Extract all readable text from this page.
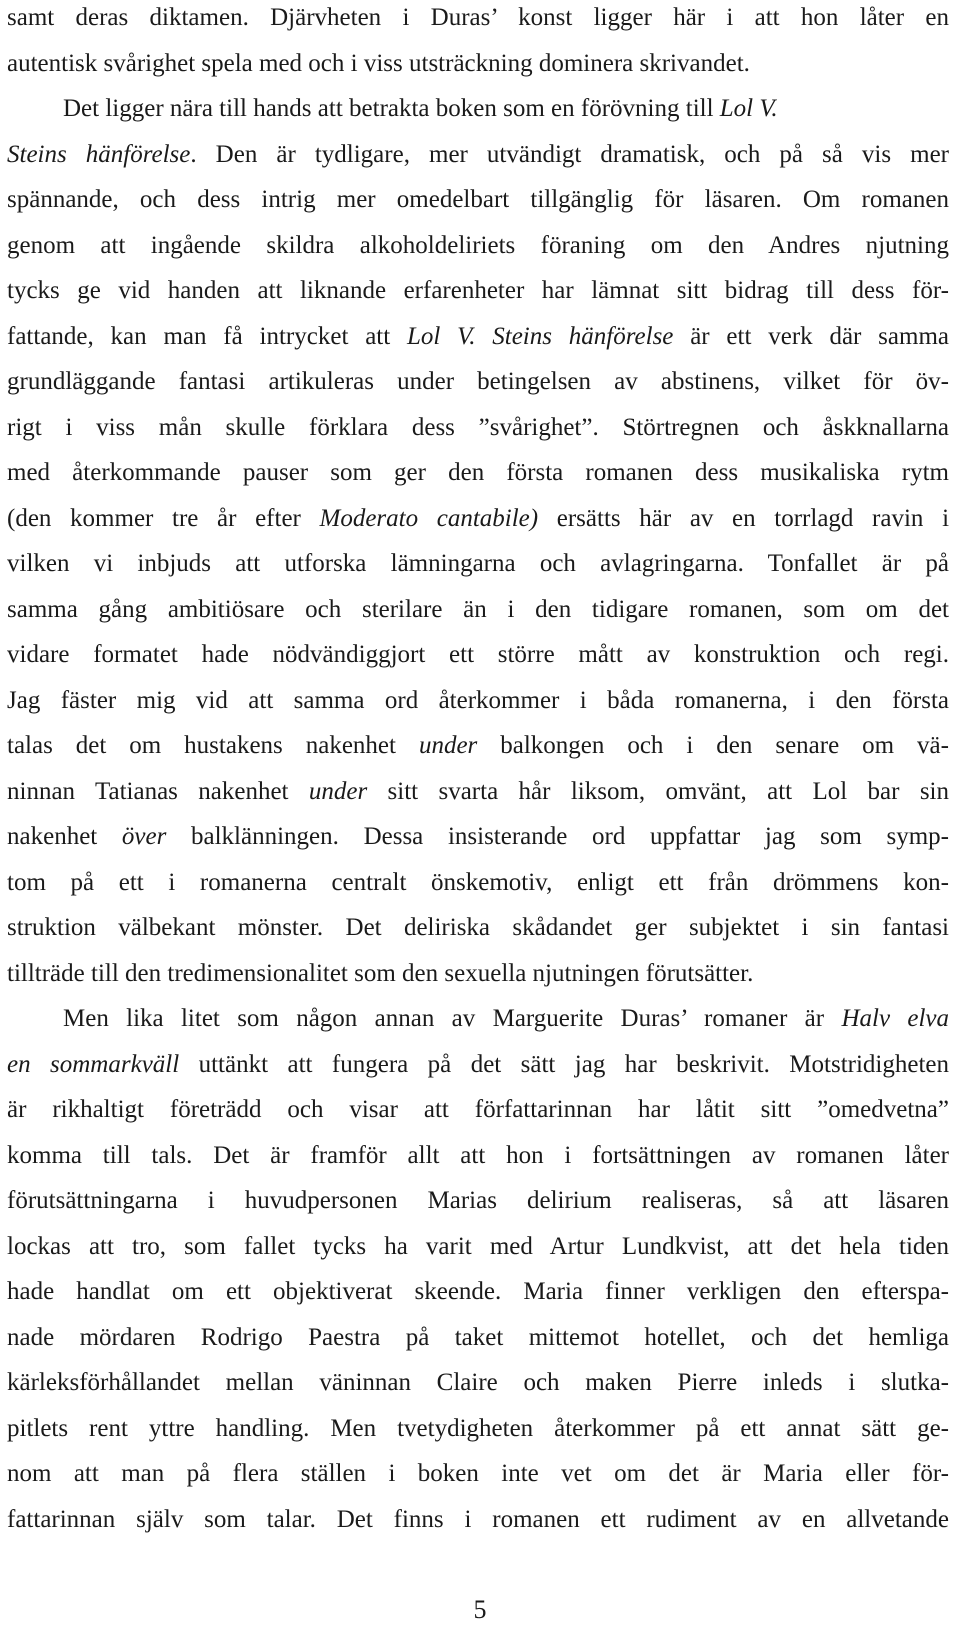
samt deras diktamen. Djärvheten i Duras’ konst ligger här i att hon låter en
autentisk svårighet spela med och i viss utsträckning dominera skrivandet.
Det ligger nära till hands att betrakta boken som en förövning till Lol V.
Steins hänförelse. Den är tydligare, mer utvändigt dramatisk, och på så vis mer
spännande, och dess intrig mer omedelbart tillgänglig för läsaren. Om romanen
genom att ingående skildra alkoholdeliriets föraning om den Andres njutning
tycks ge vid handen att liknande erfarenheter har lämnat sitt bidrag till dess för-
fattande, kan man få intrycket att Lol V. Steins hänförelse är ett verk där samma
grundläggande fantasi artikuleras under betingelsen av abstinens, vilket för öv-
rigt i viss mån skulle förklara dess ”svårighet”. Störtregnen och åskknallarna
med återkommande pauser som ger den första romanen dess musikaliska rytm
(den kommer tre år efter Moderato cantabile) ersätts här av en torrlagd ravin i
vilken vi inbjuds att utforska lämningarna och avlagringarna. Tonfallet är på
samma gång ambitiösare och sterilare än i den tidigare romanen, som om det
vidare formatet hade nödvändiggjort ett större mått av konstruktion och regi.
Jag fäster mig vid att samma ord återkommer i båda romanerna, i den första
talas det om hustakens nakenhet under balkongen och i den senare om vä-
ninnan Tatianas nakenhet under sitt svarta hår liksom, omvänt, att Lol bar sin
nakenhet över balklänningen. Dessa insisterande ord uppfattar jag som symp-
tom på ett i romanerna centralt önskemotiv, enligt ett från drömmens kon-
struktion välbekant mönster. Det deliriska skådandet ger subjektet i sin fantasi
tillträde till den tredimensionalitet som den sexuella njutningen förutsätter.
Men lika litet som någon annan av Marguerite Duras’ romaner är Halv elva
en sommarkväll uttänkt att fungera på det sätt jag har beskrivit. Motstridigheten
är rikhaltigt företrädd och visar att författarinnan har låtit sitt ”omedvetna”
komma till tals. Det är framför allt att hon i fortsättningen av romanen låter
förutsättningarna i huvudpersonen Marias delirium realiseras, så att läsaren
lockas att tro, som fallet tycks ha varit med Artur Lundkvist, att det hela tiden
hade handlat om ett objektiverat skeende. Maria finner verkligen den efterspa-
nade mördaren Rodrigo Paestra på taket mittemot hotellet, och det hemliga
kärleksförhållandet mellan väninnan Claire och maken Pierre inleds i slutka-
pitlets rent yttre handling. Men tvetydigheten återkommer på ett annat sätt ge-
nom att man på flera ställen i boken inte vet om det är Maria eller för-
fattarinnan själv som talar. Det finns i romanen ett rudiment av en allvetande
5
